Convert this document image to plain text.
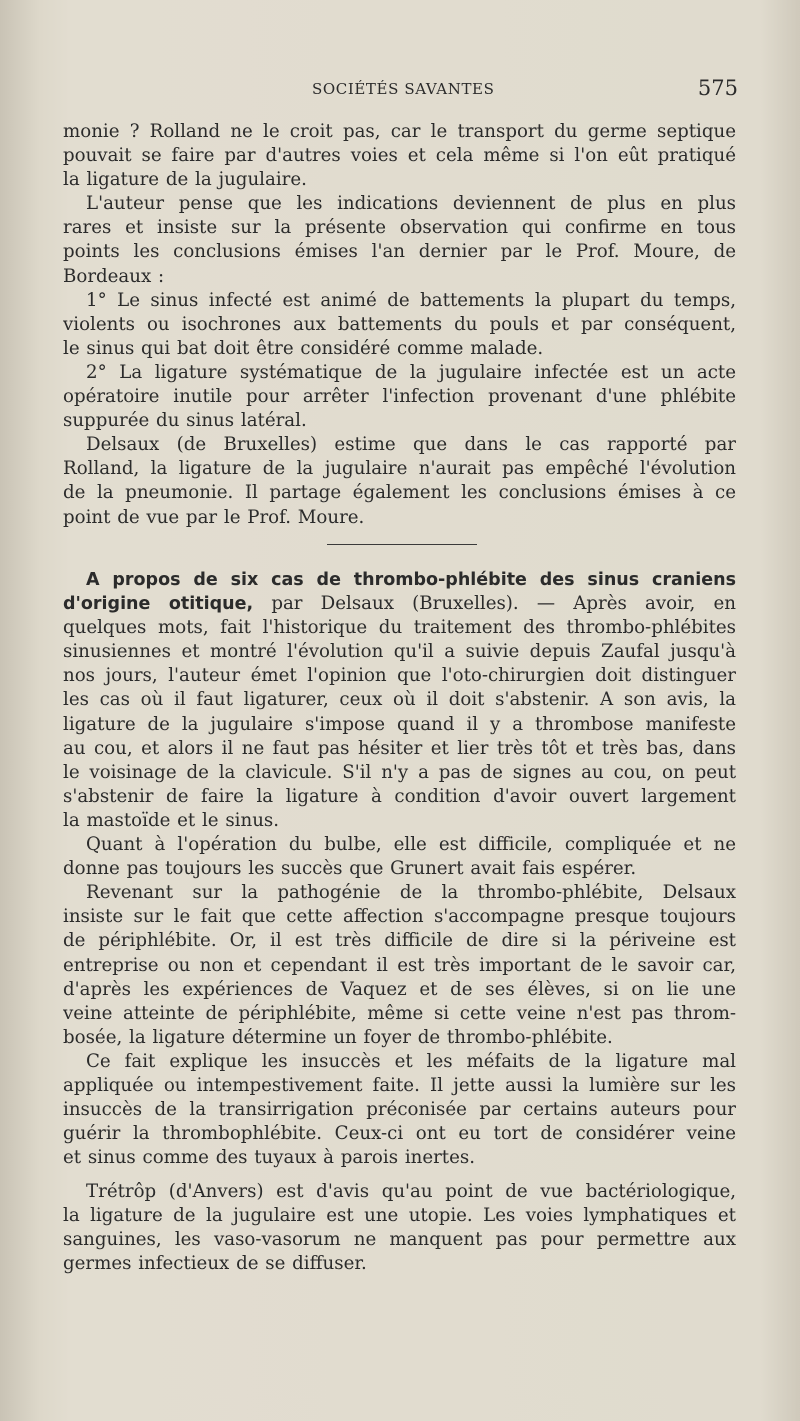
SOCIÉTÉS SAVANTES	575
monie ? Rolland ne le croit pas, car le transport du germe septique
pouvait se faire par d'autres voies et cela même si l'on eût pratiqué
la ligature de la jugulaire.
L'auteur pense que les indications deviennent de plus en plus
rares et insiste sur la présente observation qui confirme en tous
points les conclusions émises l'an dernier par le Prof. Moure, de
Bordeaux :
1° Le sinus infecté est animé de battements la plupart du temps,
violents ou isochrones aux battements du pouls et par conséquent,
le sinus qui bat doit être considéré comme malade.
2° La ligature systématique de la jugulaire infectée est un acte
opératoire inutile pour arrêter l'infection provenant d'une phlébite
suppurée du sinus latéral.
Delsaux (de Bruxelles) estime que dans le cas rapporté par
Rolland, la ligature de la jugulaire n'aurait pas empêché l'évolution
de la pneumonie. Il partage également les conclusions émises à ce
point de vue par le Prof. Moure.
A propos de six cas de thrombo-phlébite des sinus craniens
d'origine otitique, par Delsaux (Bruxelles). — Après avoir, en
quelques mots, fait l'historique du traitement des thrombo-phlébites
sinusiennes et montré l'évolution qu'il a suivie depuis Zaufal jusqu'à
nos jours, l'auteur émet l'opinion que l'oto-chirurgien doit distinguer
les cas où il faut ligaturer, ceux où il doit s'abstenir. A son avis, la
ligature de la jugulaire s'impose quand il y a thrombose manifeste
au cou, et alors il ne faut pas hésiter et lier très tôt et très bas, dans
le voisinage de la clavicule. S'il n'y a pas de signes au cou, on peut
s'abstenir de faire la ligature à condition d'avoir ouvert largement
la mastoïde et le sinus.
Quant à l'opération du bulbe, elle est difficile, compliquée et ne
donne pas toujours les succès que Grunert avait fais espérer.
Revenant sur la pathogénie de la thrombo-phlébite, Delsaux
insiste sur le fait que cette affection s'accompagne presque toujours
de périphlébite. Or, il est très difficile de dire si la périveine est
entreprise ou non et cependant il est très important de le savoir car,
d'après les expériences de Vaquez et de ses élèves, si on lie une
veine atteinte de périphlébite, même si cette veine n'est pas throm-
bosée, la ligature détermine un foyer de thrombo-phlébite.
Ce fait explique les insuccès et les méfaits de la ligature mal
appliquée ou intempestivement faite. Il jette aussi la lumière sur les
insuccès de la transirrigation préconisée par certains auteurs pour
guérir la thrombophlébite. Ceux-ci ont eu tort de considérer veine
et sinus comme des tuyaux à parois inertes.
Trétrôp (d'Anvers) est d'avis qu'au point de vue bactériologique,
la ligature de la jugulaire est une utopie. Les voies lymphatiques et
sanguines, les vaso-vasorum ne manquent pas pour permettre aux
germes infectieux de se diffuser.
